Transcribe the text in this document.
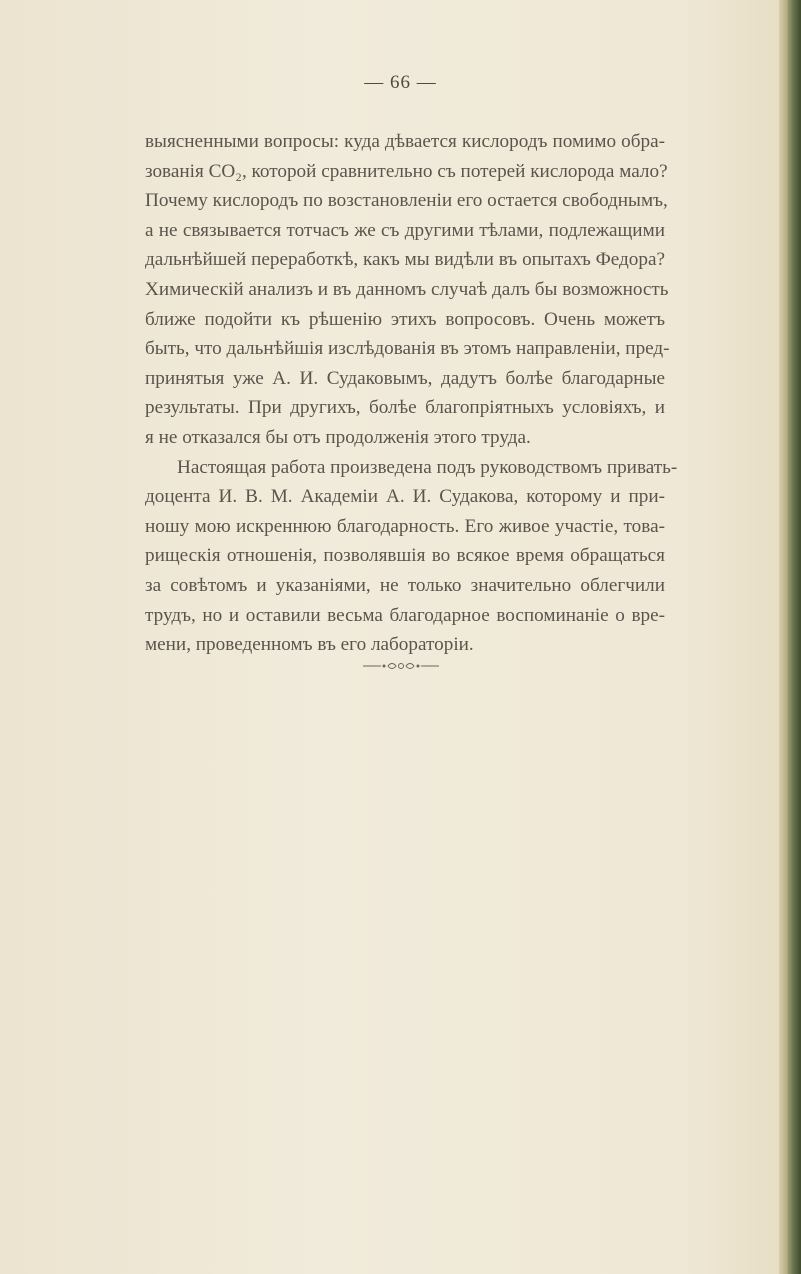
— 66 —
выясненными вопросы: куда дѣвается кислородъ помимо обра-
зованія CO₂, которой сравнительно съ потерей кислорода мало?
Почему кислородъ по возстановленіи его остается свободнымъ,
а не связывается тотчасъ же съ другими тѣлами, подлежащими
дальнѣйшей переработкѣ, какъ мы видѣли въ опытахъ Федора?
Химическій анализъ и въ данномъ случаѣ далъ бы возможность
ближе подойти къ рѣшенію этихъ вопросовъ. Очень можетъ
быть, что дальнѣйшія изслѣдованія въ этомъ направленіи, пред-
принятыя уже А. И. Судаковымъ, дадутъ болѣе благодарные
результаты. При другихъ, болѣе благопріятныхъ условіяхъ, и
я не отказался бы отъ продолженія этого труда.
Настоящая работа произведена подъ руководствомъ привать-
доцента И. В. М. Академіи А. И. Судакова, которому и при-
ношу мою искреннюю благодарность. Его живое участіе, това-
рищескія отношенія, позволявшія во всякое время обращаться
за совѣтомъ и указаніями, не только значительно облегчили
трудъ, но и оставили весьма благодарное воспоминаніе о вре-
мени, проведенномъ въ его лабораторіи.
